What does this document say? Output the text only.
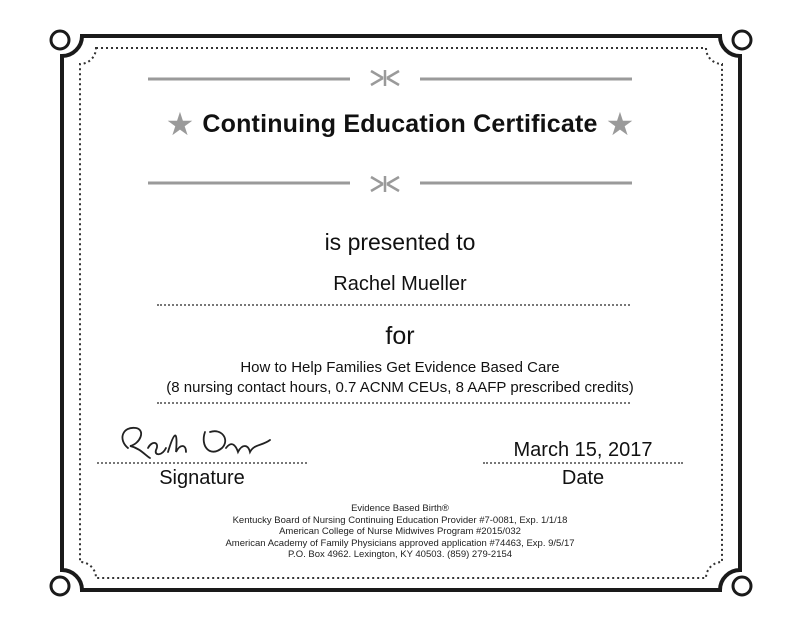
★ Continuing Education Certificate ★
is presented to
Rachel Mueller
for
How to Help Families Get Evidence Based Care
(8 nursing contact hours, 0.7 ACNM CEUs, 8 AAFP prescribed credits)
March 15, 2017
Signature	Date
Evidence Based Birth®
Kentucky Board of Nursing Continuing Education Provider #7-0081, Exp. 1/1/18
American College of Nurse Midwives Program #2015/032
American Academy of Family Physicians approved application #74463, Exp. 9/5/17
P.O. Box 4962. Lexington, KY 40503. (859) 279-2154
